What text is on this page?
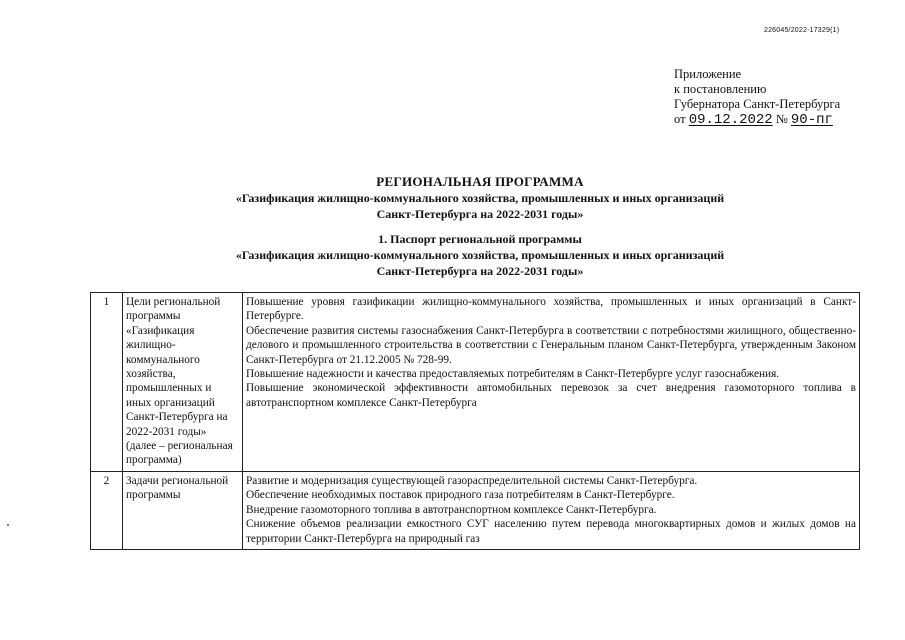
226045/2022-17329(1)
Приложение
к постановлению
Губернатора Санкт-Петербурга
от 09.12.2022 № 90-пг
РЕГИОНАЛЬНАЯ ПРОГРАММА
«Газификация жилищно-коммунального хозяйства, промышленных и иных организаций
Санкт-Петербурга на 2022-2031 годы»
1. Паспорт региональной программы
«Газификация жилищно-коммунального хозяйства, промышленных и иных организаций
Санкт-Петербурга на 2022-2031 годы»
1	Цели региональной программы «Газификация жилищно-коммунального хозяйства, промышленных и иных организаций Санкт-Петербурга на 2022-2031 годы» (далее – региональная программа)	Повышение уровня газификации жилищно-коммунального хозяйства, промышленных и иных организаций в Санкт-Петербурге.
Обеспечение развития системы газоснабжения Санкт-Петербурга в соответствии с потребностями жилищного, общественно-делового и промышленного строительства в соответствии с Генеральным планом Санкт-Петербурга, утвержденным Законом Санкт-Петербурга от 21.12.2005 № 728-99.
Повышение надежности и качества предоставляемых потребителям в Санкт-Петербурге услуг газоснабжения.
Повышение экономической эффективности автомобильных перевозок за счет внедрения газомоторного топлива в автотранспортном комплексе Санкт-Петербурга

2	Задачи региональной программы	Развитие и модернизация существующей газораспределительной системы Санкт-Петербурга.
Обеспечение необходимых поставок природного газа потребителям в Санкт-Петербурге.
Внедрение газомоторного топлива в автотранспортном комплексе Санкт-Петербурга.
Снижение объемов реализации емкостного СУГ населению путем перевода многоквартирных домов и жилых домов на территории Санкт-Петербурга на природный газ
